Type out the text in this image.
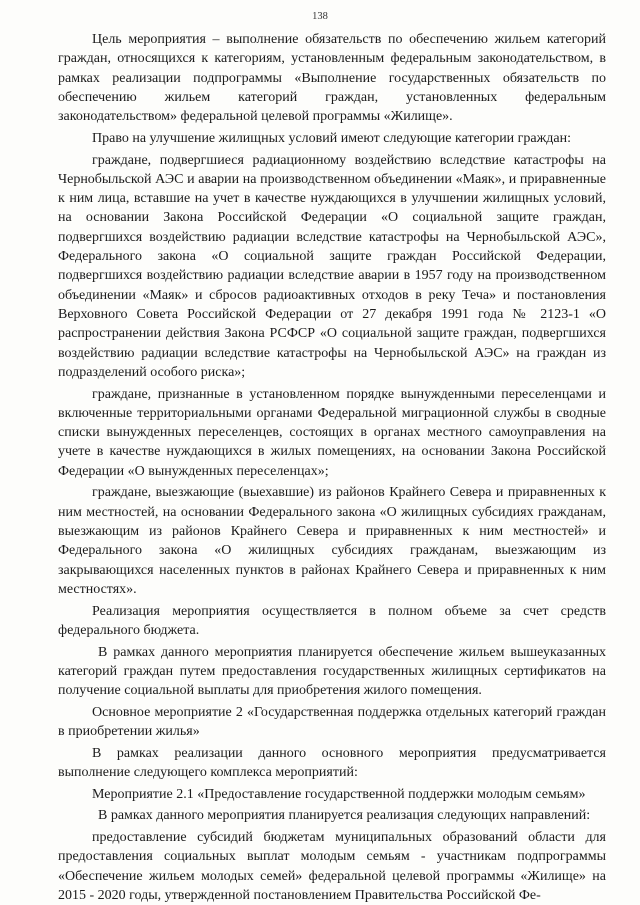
138

Цель мероприятия – выполнение обязательств по обеспечению жильем категорий граждан, относящихся к категориям, установленным федеральным законодательством, в рамках реализации подпрограммы «Выполнение государственных обязательств по обеспечению жильем категорий граждан, установленных федеральным законодательством» федеральной целевой программы «Жилище».

Право на улучшение жилищных условий имеют следующие категории граждан:

граждане, подвергшиеся радиационному воздействию вследствие катастрофы на Чернобыльской АЭС и аварии на производственном объединении «Маяк», и приравненные к ним лица, вставшие на учет в качестве нуждающихся в улучшении жилищных условий, на основании Закона Российской Федерации «О социальной защите граждан, подвергшихся воздействию радиации вследствие катастрофы на Чернобыльской АЭС», Федерального закона «О социальной защите граждан Российской Федерации, подвергшихся воздействию радиации вследствие аварии в 1957 году на производственном объединении «Маяк» и сбросов радиоактивных отходов в реку Теча» и постановления Верховного Совета Российской Федерации от 27 декабря 1991 года № 2123-1 «О распространении действия Закона РСФСР «О социальной защите граждан, подвергшихся воздействию радиации вследствие катастрофы на Чернобыльской АЭС» на граждан из подразделений особого риска»;

граждане, признанные в установленном порядке вынужденными переселенцами и включенные территориальными органами Федеральной миграционной службы в сводные списки вынужденных переселенцев, состоящих в органах местного самоуправления на учете в качестве нуждающихся в жилых помещениях, на основании Закона Российской Федерации «О вынужденных переселенцах»;

граждане, выезжающие (выехавшие) из районов Крайнего Севера и приравненных к ним местностей, на основании Федерального закона «О жилищных субсидиях гражданам, выезжающим из районов Крайнего Севера и приравненных к ним местностей» и Федерального закона «О жилищных субсидиях гражданам, выезжающим из закрывающихся населенных пунктов в районах Крайнего Севера и приравненных к ним местностях».

Реализация мероприятия осуществляется в полном объеме за счет средств федерального бюджета.

В рамках данного мероприятия планируется обеспечение жильем вышеуказанных категорий граждан путем предоставления государственных жилищных сертификатов на получение социальной выплаты для приобретения жилого помещения.

Основное мероприятие 2 «Государственная поддержка отдельных категорий граждан в приобретении жилья»

В рамках реализации данного основного мероприятия предусматривается выполнение следующего комплекса мероприятий:

Мероприятие 2.1 «Предоставление государственной поддержки молодым семьям»

В рамках данного мероприятия планируется реализация следующих направлений:

предоставление субсидий бюджетам муниципальных образований области для предоставления социальных выплат молодым семьям - участникам подпрограммы «Обеспечение жильем молодых семей» федеральной целевой программы «Жилище» на 2015 - 2020 годы, утвержденной постановлением Правительства Российской Фе-
